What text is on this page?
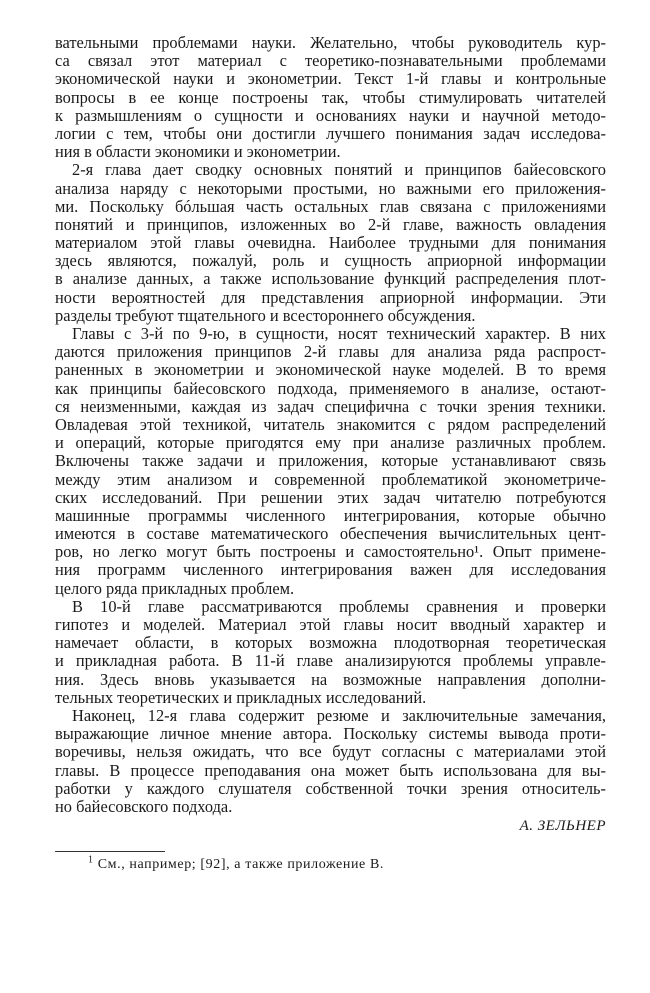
вательными проблемами науки. Желательно, чтобы руководитель кур-
са связал этот материал с теоретико-познавательными проблемами
экономической науки и эконометрии. Текст 1-й главы и контрольные
вопросы в ее конце построены так, чтобы стимулировать читателей
к размышлениям о сущности и основаниях науки и научной методо-
логии с тем, чтобы они достигли лучшего понимания задач исследова-
ния в области экономики и эконометрии.
2-я глава дает сводку основных понятий и принципов байесовского
анализа наряду с некоторыми простыми, но важными его приложения-
ми. Поскольку бóльшая часть остальных глав связана с приложениями
понятий и принципов, изложенных во 2-й главе, важность овладения
материалом этой главы очевидна. Наиболее трудными для понимания
здесь являются, пожалуй, роль и сущность априорной информации
в анализе данных, а также использование функций распределения плот-
ности вероятностей для представления априорной информации. Эти
разделы требуют тщательного и всестороннего обсуждения.
Главы с 3-й по 9-ю, в сущности, носят технический характер. В них
даются приложения принципов 2-й главы для анализа ряда распрост-
раненных в эконометрии и экономической науке моделей. В то время
как принципы байесовского подхода, применяемого в анализе, остают-
ся неизменными, каждая из задач специфична с точки зрения техники.
Овладевая этой техникой, читатель знакомится с рядом распределений
и операций, которые пригодятся ему при анализе различных проблем.
Включены также задачи и приложения, которые устанавливают связь
между этим анализом и современной проблематикой эконометриче-
ских исследований. При решении этих задач читателю потребуются
машинные программы численного интегрирования, которые обычно
имеются в составе математического обеспечения вычислительных цент-
ров, но легко могут быть построены и самостоятельно¹. Опыт примене-
ния программ численного интегрирования важен для исследования
целого ряда прикладных проблем.
В 10-й главе рассматриваются проблемы сравнения и проверки
гипотез и моделей. Материал этой главы носит вводный характер и
намечает области, в которых возможна плодотворная теоретическая
и прикладная работа. В 11-й главе анализируются проблемы управле-
ния. Здесь вновь указывается на возможные направления дополни-
тельных теоретических и прикладных исследований.
Наконец, 12-я глава содержит резюме и заключительные замечания,
выражающие личное мнение автора. Поскольку системы вывода проти-
воречивы, нельзя ожидать, что все будут согласны с материалами этой
главы. В процессе преподавания она может быть использована для вы-
работки у каждого слушателя собственной точки зрения относитель-
но байесовского подхода.
А. ЗЕЛЬНЕР
$^1$ См., например; [92], а также приложение В.
